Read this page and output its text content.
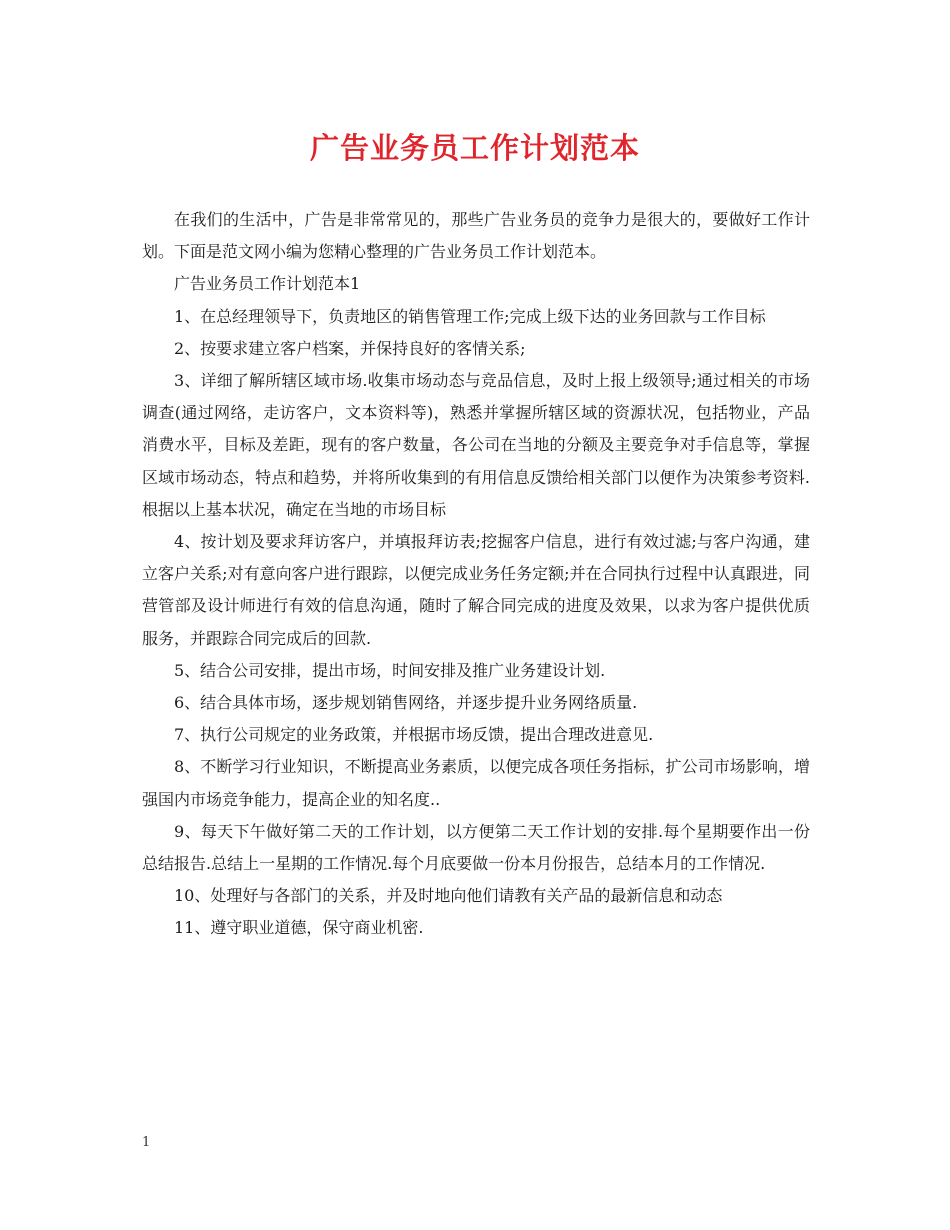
广告业务员工作计划范本

在我们的生活中，广告是非常常见的，那些广告业务员的竞争力是很大的，要做好工作计划。下面是范文网小编为您精心整理的广告业务员工作计划范本。

广告业务员工作计划范本1

1、在总经理领导下，负责地区的销售管理工作;完成上级下达的业务回款与工作目标

2、按要求建立客户档案，并保持良好的客情关系;

3、详细了解所辖区域市场.收集市场动态与竞品信息，及时上报上级领导;通过相关的市场调查(通过网络，走访客户，文本资料等)，熟悉并掌握所辖区域的资源状况，包括物业，产品消费水平，目标及差距，现有的客户数量，各公司在当地的分额及主要竞争对手信息等，掌握区域市场动态，特点和趋势，并将所收集到的有用信息反馈给相关部门以便作为决策参考资料.根据以上基本状况，确定在当地的市场目标

4、按计划及要求拜访客户，并填报拜访表;挖掘客户信息，进行有效过滤;与客户沟通，建立客户关系;对有意向客户进行跟踪，以便完成业务任务定额;并在合同执行过程中认真跟进，同营管部及设计师进行有效的信息沟通，随时了解合同完成的进度及效果，以求为客户提供优质服务，并跟踪合同完成后的回款.

5、结合公司安排，提出市场，时间安排及推广业务建设计划.

6、结合具体市场，逐步规划销售网络，并逐步提升业务网络质量.

7、执行公司规定的业务政策，并根据市场反馈，提出合理改进意见.

8、不断学习行业知识，不断提高业务素质，以便完成各项任务指标，扩公司市场影响，增强国内市场竞争能力，提高企业的知名度..

9、每天下午做好第二天的工作计划，以方便第二天工作计划的安排.每个星期要作出一份总结报告.总结上一星期的工作情况.每个月底要做一份本月份报告，总结本月的工作情况.

10、处理好与各部门的关系，并及时地向他们请教有关产品的最新信息和动态

11、遵守职业道德，保守商业机密.

1
